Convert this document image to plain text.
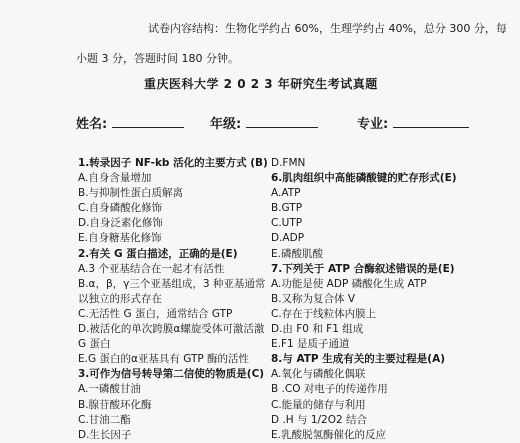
试卷内容结构：生物化学约占 60%，生理学约占 40%，总分 300 分，每
小题 3 分，答题时间 180 分钟。
重庆医科大学 2 0 2 3 年研究生考试真题
姓名:	年级:	专业:
1.转录因子 NF-kb 活化的主要方式 (B)
A.自身含量增加
B.与抑制性蛋白质解离
C.自身磷酸化修饰
D.自身泛素化修饰
E.自身糖基化修饰
2.有关 G 蛋白描述，正确的是(E)
A.3 个亚基结合在一起才有活性
B.α，β，γ三个亚基组成，3 种亚基通常
以独立的形式存在
C.无活性 G 蛋白，通常结合 GTP
D.被活化的单次跨膜α螺旋受体可激活激
G 蛋白
E.G 蛋白的α亚基具有 GTP 酶的活性
3.可作为信号转导第二信使的物质是(C)
A.一磷酸甘油
B.腺苷酸环化酶
C.甘油二酯
D.生长因子
D.FMN
6.肌肉组织中高能磷酸键的贮存形式(E)
A.ATP
B.GTP
C.UTP
D.ADP
E.磷酸肌酸
7.下列关于 ATP 合酶叙述错误的是(E)
A.功能是使 ADP 磷酸化生成 ATP
B.又称为复合体 V
C.存在于线粒体内膜上
D.由 F0 和 F1 组成
E.F1 是质子通道
8.与 ATP 生成有关的主要过程是(A)
A.氧化与磷酸化偶联
B .CO 对电子的传递作用
C.能量的储存与利用
D .H 与 1/2O2 结合
E.乳酸脱氢酶催化的反应
